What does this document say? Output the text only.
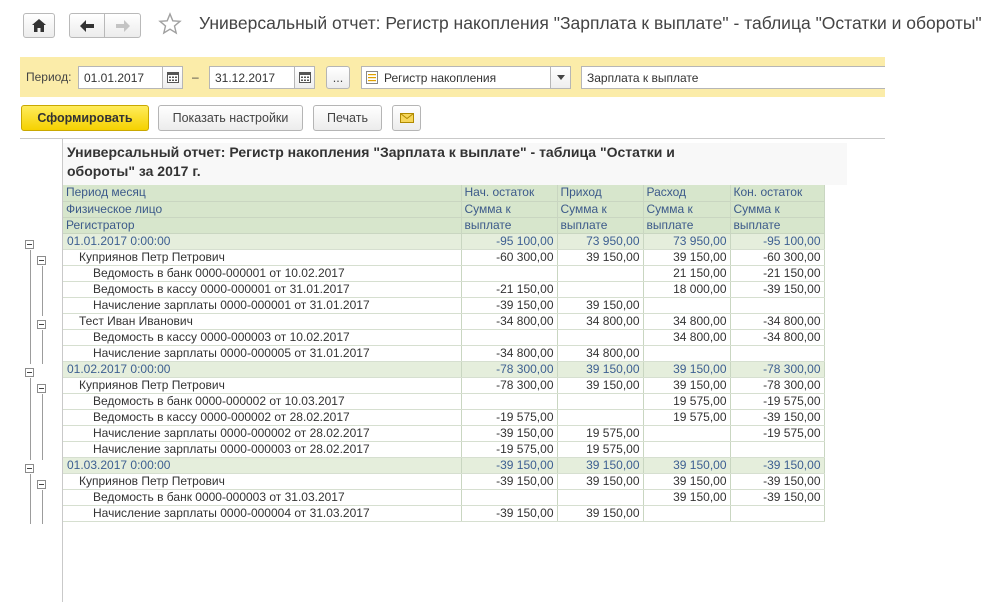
Универсальный отчет: Регистр накопления "Зарплата к выплате" - таблица "Остатки и обороты"
Период:	01.01.2017	–	31.12.2017	...	Регистр накопления	Зарплата к выплате
Сформировать	Показать настройки	Печать
Универсальный отчет: Регистр накопления "Зарплата к выплате" - таблица "Остатки и
обороты" за 2017 г.
Период месяц	Нач. остаток	Приход	Расход	Кон. остаток
Физическое лицо	Сумма к	Сумма к	Сумма к	Сумма к
Регистратор	выплате	выплате	выплате	выплате
01.01.2017 0:00:00	-95 100,00	73 950,00	73 950,00	-95 100,00
Куприянов Петр Петрович	-60 300,00	39 150,00	39 150,00	-60 300,00
Ведомость в банк 0000-000001 от 10.02.2017			21 150,00	-21 150,00
Ведомость в кассу 0000-000001 от 31.01.2017	-21 150,00		18 000,00	-39 150,00
Начисление зарплаты 0000-000001 от 31.01.2017	-39 150,00	39 150,00		
Тест Иван Иванович	-34 800,00	34 800,00	34 800,00	-34 800,00
Ведомость в кассу 0000-000003 от 10.02.2017			34 800,00	-34 800,00
Начисление зарплаты 0000-000005 от 31.01.2017	-34 800,00	34 800,00		
01.02.2017 0:00:00	-78 300,00	39 150,00	39 150,00	-78 300,00
Куприянов Петр Петрович	-78 300,00	39 150,00	39 150,00	-78 300,00
Ведомость в банк 0000-000002 от 10.03.2017			19 575,00	-19 575,00
Ведомость в кассу 0000-000002 от 28.02.2017	-19 575,00		19 575,00	-39 150,00
Начисление зарплаты 0000-000002 от 28.02.2017	-39 150,00	19 575,00		-19 575,00
Начисление зарплаты 0000-000003 от 28.02.2017	-19 575,00	19 575,00		
01.03.2017 0:00:00	-39 150,00	39 150,00	39 150,00	-39 150,00
Куприянов Петр Петрович	-39 150,00	39 150,00	39 150,00	-39 150,00
Ведомость в банк 0000-000003 от 31.03.2017			39 150,00	-39 150,00
Начисление зарплаты 0000-000004 от 31.03.2017	-39 150,00	39 150,00		
